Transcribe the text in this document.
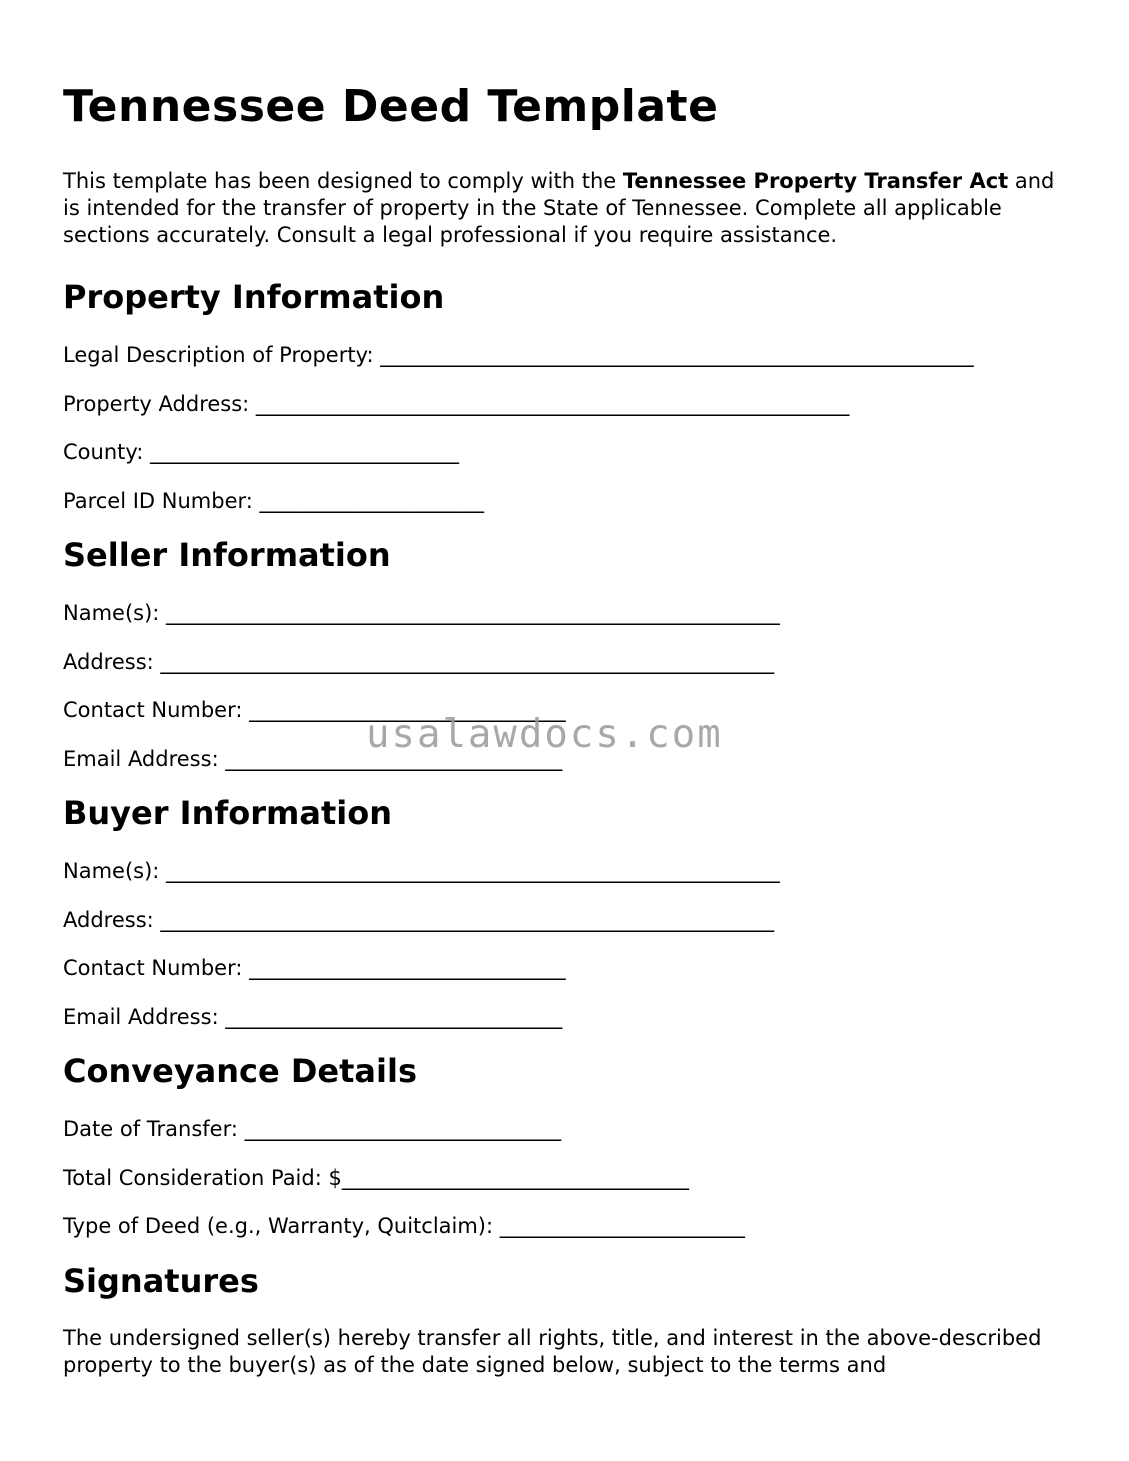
Tennessee Deed Template

This template has been designed to comply with the Tennessee Property Transfer Act and is intended for the transfer of property in the State of Tennessee. Complete all applicable sections accurately. Consult a legal professional if you require assistance.

Property Information
Legal Description of Property: ___________________________________________________________
Property Address: ___________________________________________________________
County: _______________________________
Parcel ID Number: _____________________
Seller Information
Name(s): ___________________________________________________________
Address: ___________________________________________________________
Contact Number: _______________________________
Email Address: _________________________________
Buyer Information
Name(s): ___________________________________________________________
Address: ___________________________________________________________
Contact Number: _______________________________
Email Address: _________________________________
Conveyance Details
Date of Transfer: _______________________________
Total Consideration Paid: $__________________________________
Type of Deed (e.g., Warranty, Quitclaim): ________________________
Signatures

The undersigned seller(s) hereby transfer all rights, title, and interest in the above-described property to the buyer(s) as of the date signed below, subject to the terms and

usalawdocs.com
